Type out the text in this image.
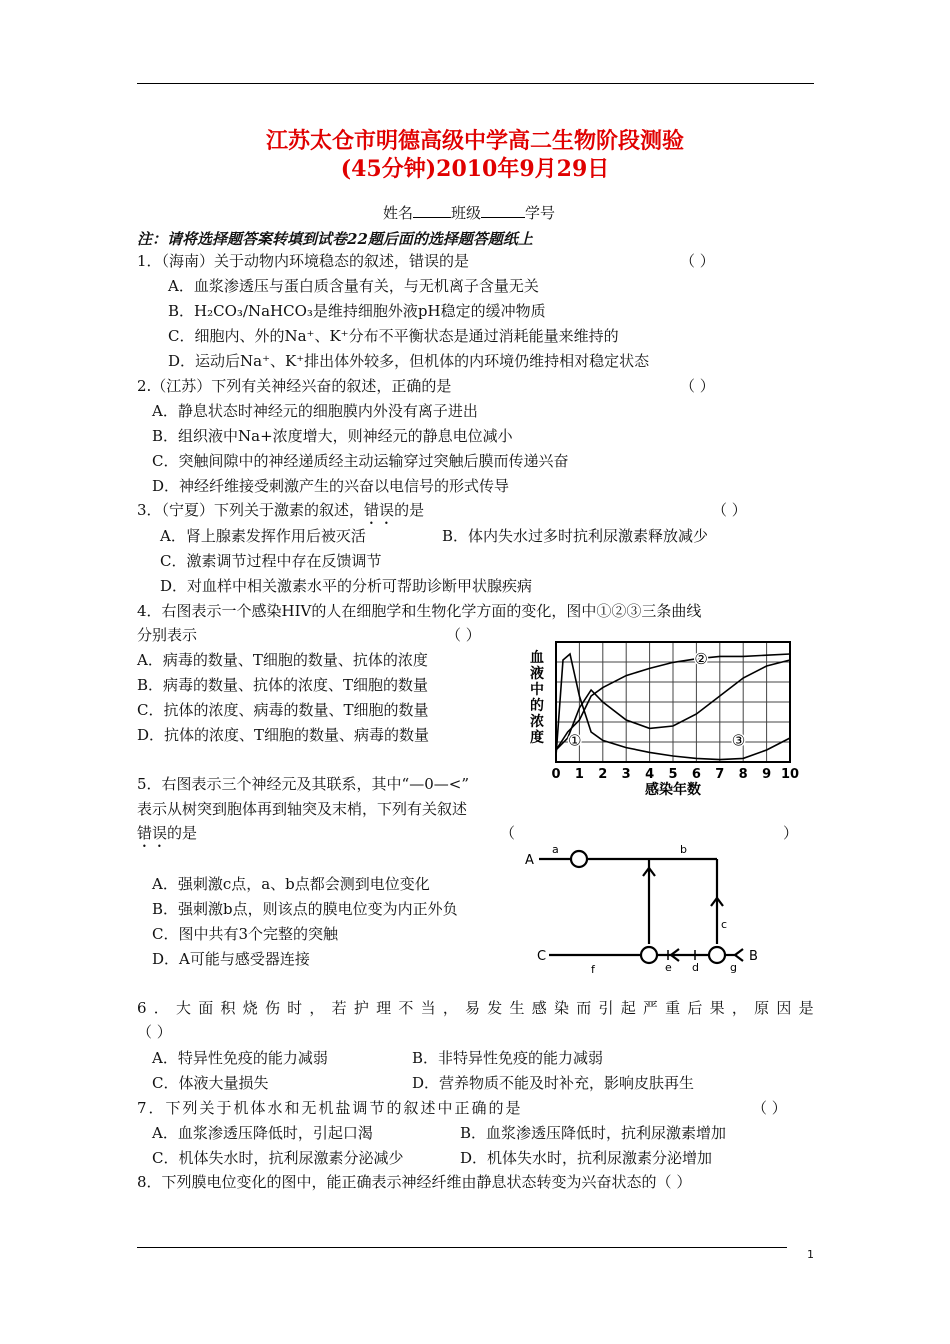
江苏太仓市明德高级中学高二生物阶段测验
(45分钟)2010年9月29日
姓名	班级	学号
注：请将选择题答案转填到试卷22题后面的选择题答题纸上
1．（海南）关于动物内环境稳态的叙述，错误的是	（ ）
A．血浆渗透压与蛋白质含量有关，与无机离子含量无关
B．H₂CO₃/NaHCO₃是维持细胞外液pH稳定的缓冲物质
C．细胞内、外的Na⁺、K⁺分布不平衡状态是通过消耗能量来维持的
D．运动后Na⁺、K⁺排出体外较多，但机体的内环境仍维持相对稳定状态
2.（江苏）下列有关神经兴奋的叙述，正确的是	（ ）
A．静息状态时神经元的细胞膜内外没有离子进出
B．组织液中Na+浓度增大，则神经元的静息电位减小
C．突触间隙中的神经递质经主动运输穿过突触后膜而传递兴奋
D．神经纤维接受刺激产生的兴奋以电信号的形式传导
3．（宁夏）下列关于激素的叙述，错误的是	（ ）
A．肾上腺素发挥作用后被灭活	B．体内失水过多时抗利尿激素释放减少
C．激素调节过程中存在反馈调节
D．对血样中相关激素水平的分析可帮助诊断甲状腺疾病
4．右图表示一个感染HIV的人在细胞学和生物化学方面的变化，图中①②③三条曲线
分别表示	（ ）
A．病毒的数量、T细胞的数量、抗体的浓度
B．病毒的数量、抗体的浓度、T细胞的数量
C．抗体的浓度、病毒的数量、T细胞的数量
D．抗体的浓度、T细胞的数量、病毒的数量	①
②
③
0 1 2 3 4 5 6 7 8 9 10
血液中的浓度
感染年数
5．右图表示三个神经元及其联系，其中“—0—<”
表示从树突到胞体再到轴突及末梢，下列有关叙述
错误的是	（	）
A．强刺激c点，a、b点都会测到电位变化
B．强刺激b点，则该点的膜电位变为内正外负
C．图中共有3个完整的突触
D．A可能与感受器连接
A
a	b
c
C
f	e d	g
B
6 ． 大 面 积 烧 伤 时 ， 若 护 理 不 当 ， 易 发 生 感 染 而 引 起 严 重 后 果 ， 原 因 是
（ ）
A．特异性免疫的能力减弱	B．非特异性免疫的能力减弱
C．体液大量损失	D．营养物质不能及时补充，影响皮肤再生
7．下列关于机体水和无机盐调节的叙述中正确的是	（ ）
A．血浆渗透压降低时，引起口渴	B．血浆渗透压降低时，抗利尿激素增加
C．机体失水时，抗利尿激素分泌减少	D．机体失水时，抗利尿激素分泌增加
8．下列膜电位变化的图中，能正确表示神经纤维由静息状态转变为兴奋状态的（ ）
1
